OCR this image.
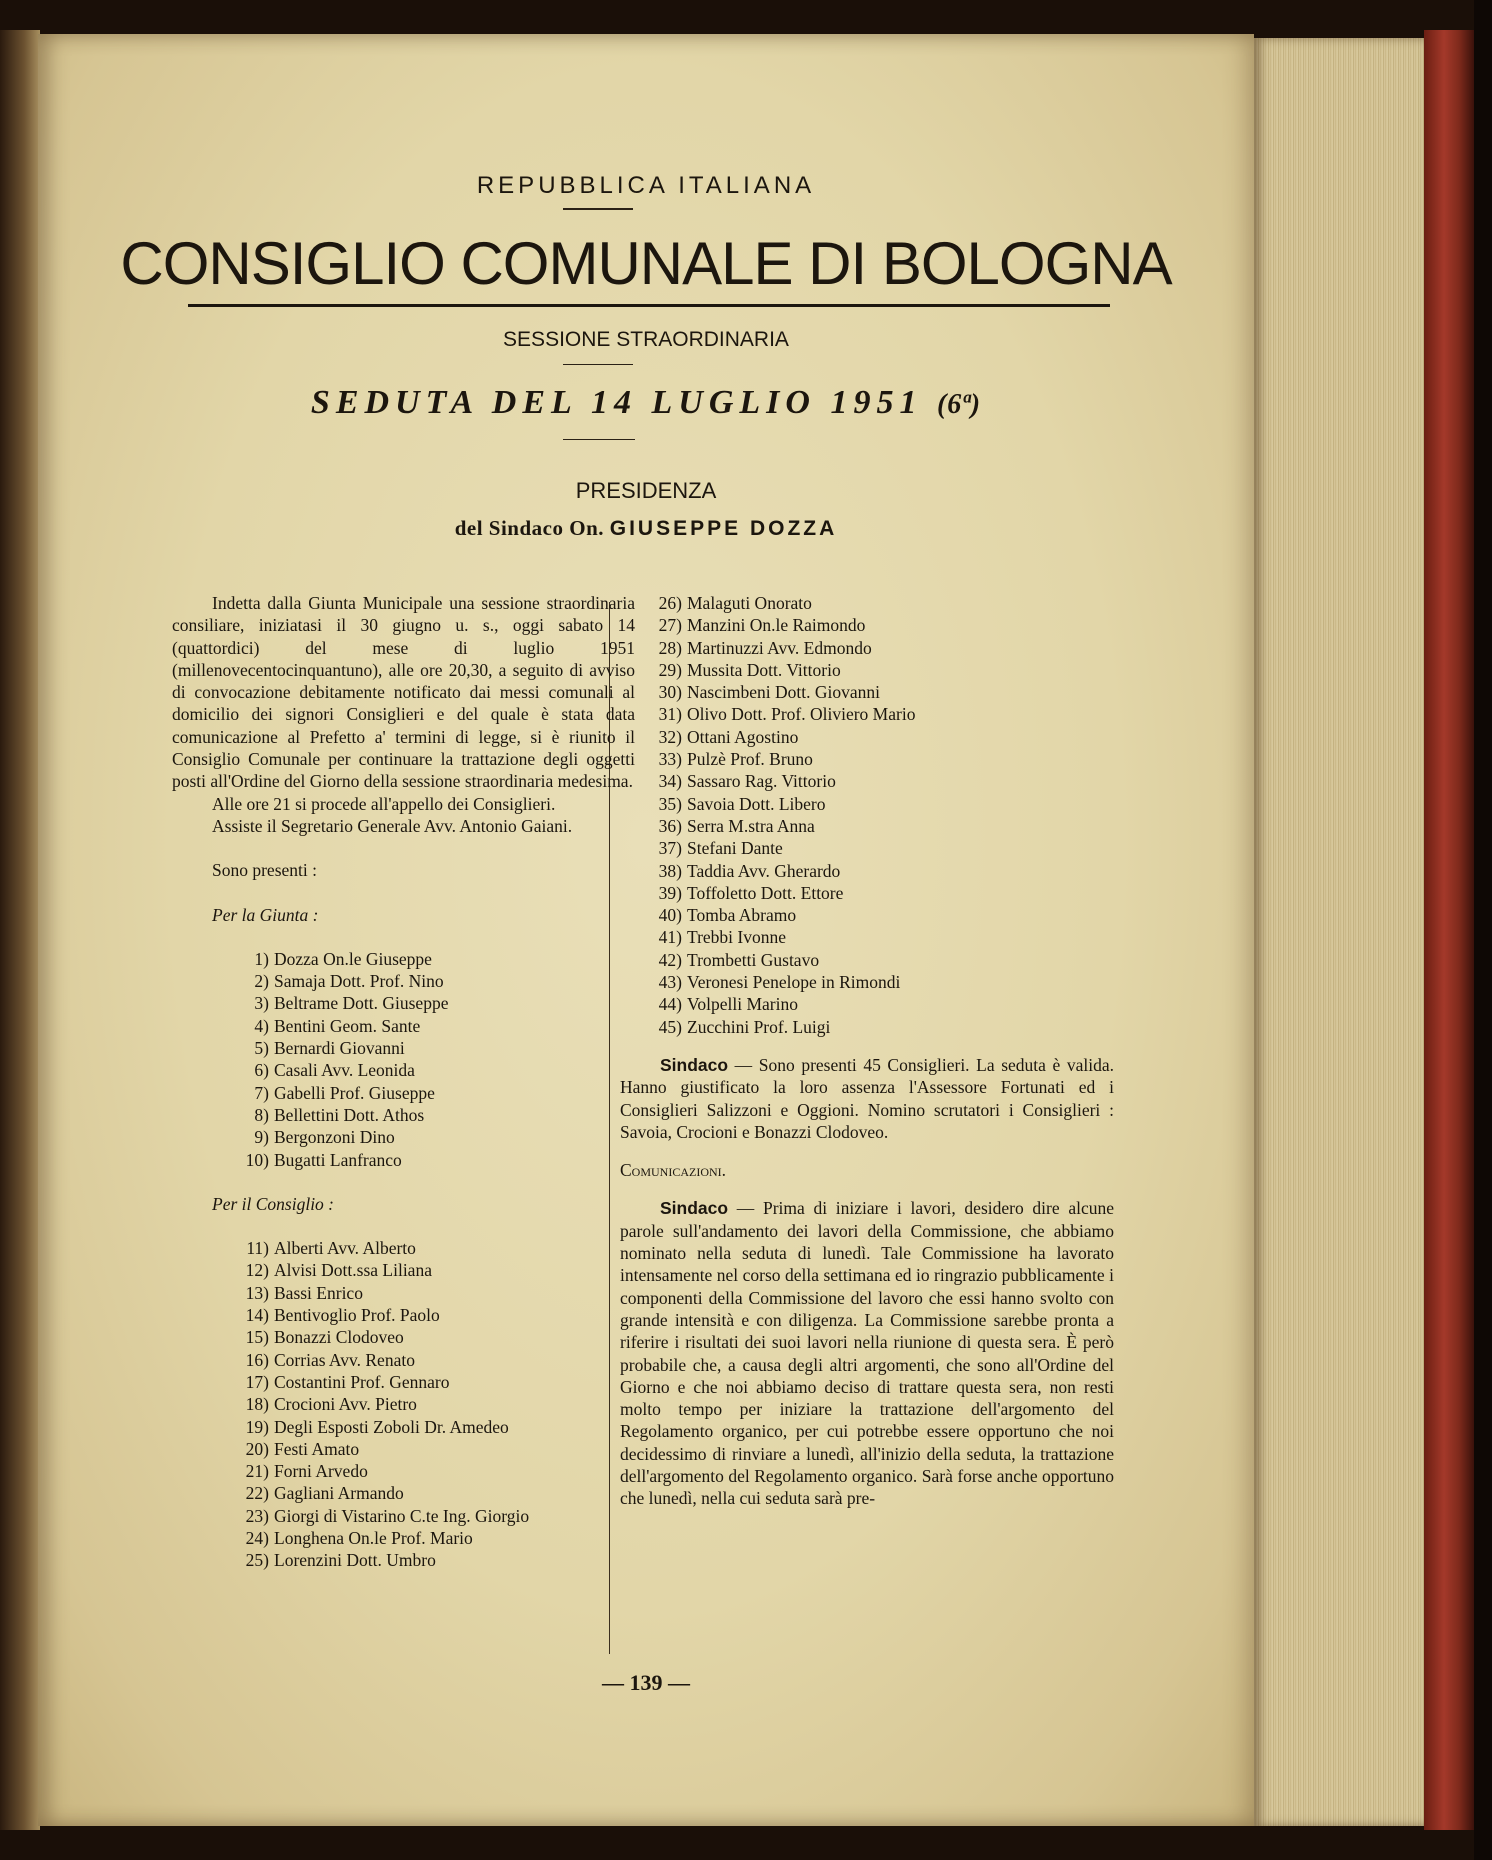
REPUBBLICA ITALIANA
CONSIGLIO COMUNALE DI BOLOGNA
SESSIONE STRAORDINARIA
SEDUTA DEL 14 LUGLIO 1951 (6ª)
PRESIDENZA
del Sindaco On. GIUSEPPE DOZZA

Indetta dalla Giunta Municipale una sessione straordinaria consiliare, iniziatasi il 30 giugno u. s., oggi sabato 14 (quattordici) del mese di luglio 1951 (millenovecentocinquantuno), alle ore 20,30, a seguito di avviso di convocazione debitamente notificato dai messi comunali al domicilio dei signori Consiglieri e del quale è stata data comunicazione al Prefetto a' termini di legge, si è riunito il Consiglio Comunale per continuare la trattazione degli oggetti posti all'Ordine del Giorno della sessione straordinaria medesima.

Alle ore 21 si procede all'appello dei Consiglieri.

Assiste il Segretario Generale Avv. Antonio Gaiani.

Sono presenti :

Per la Giunta :

1) Dozza On.le Giuseppe
2) Samaja Dott. Prof. Nino
3) Beltrame Dott. Giuseppe
4) Bentini Geom. Sante
5) Bernardi Giovanni
6) Casali Avv. Leonida
7) Gabelli Prof. Giuseppe
8) Bellettini Dott. Athos
9) Bergonzoni Dino
10) Bugatti Lanfranco

Per il Consiglio :

11) Alberti Avv. Alberto
12) Alvisi Dott.ssa Liliana
13) Bassi Enrico
14) Bentivoglio Prof. Paolo
15) Bonazzi Clodoveo
16) Corrias Avv. Renato
17) Costantini Prof. Gennaro
18) Crocioni Avv. Pietro
19) Degli Esposti Zoboli Dr. Amedeo
20) Festi Amato
21) Forni Arvedo
22) Gagliani Armando
23) Giorgi di Vistarino C.te Ing. Giorgio
24) Longhena On.le Prof. Mario
25) Lorenzini Dott. Umbro
26) Malaguti Onorato
27) Manzini On.le Raimondo
28) Martinuzzi Avv. Edmondo
29) Mussita Dott. Vittorio
30) Nascimbeni Dott. Giovanni
31) Olivo Dott. Prof. Oliviero Mario
32) Ottani Agostino
33) Pulzè Prof. Bruno
34) Sassaro Rag. Vittorio
35) Savoia Dott. Libero
36) Serra M.stra Anna
37) Stefani Dante
38) Taddia Avv. Gherardo
39) Toffoletto Dott. Ettore
40) Tomba Abramo
41) Trebbi Ivonne
42) Trombetti Gustavo
43) Veronesi Penelope in Rimondi
44) Volpelli Marino
45) Zucchini Prof. Luigi

Sindaco — Sono presenti 45 Consiglieri. La seduta è valida. Hanno giustificato la loro assenza l'Assessore Fortunati ed i Consiglieri Salizzoni e Oggioni. Nomino scrutatori i Consiglieri : Savoia, Crocioni e Bonazzi Clodoveo.

Comunicazioni.

Sindaco — Prima di iniziare i lavori, desidero dire alcune parole sull'andamento dei lavori della Commissione, che abbiamo nominato nella seduta di lunedì. Tale Commissione ha lavorato intensamente nel corso della settimana ed io ringrazio pubblicamente i componenti della Commissione del lavoro che essi hanno svolto con grande intensità e con diligenza. La Commissione sarebbe pronta a riferire i risultati dei suoi lavori nella riunione di questa sera. È però probabile che, a causa degli altri argomenti, che sono all'Ordine del Giorno e che noi abbiamo deciso di trattare questa sera, non resti molto tempo per iniziare la trattazione dell'argomento del Regolamento organico, per cui potrebbe essere opportuno che noi decidessimo di rinviare a lunedì, all'inizio della seduta, la trattazione dell'argomento del Regolamento organico. Sarà forse anche opportuno che lunedì, nella cui seduta sarà pre-

— 139 —
